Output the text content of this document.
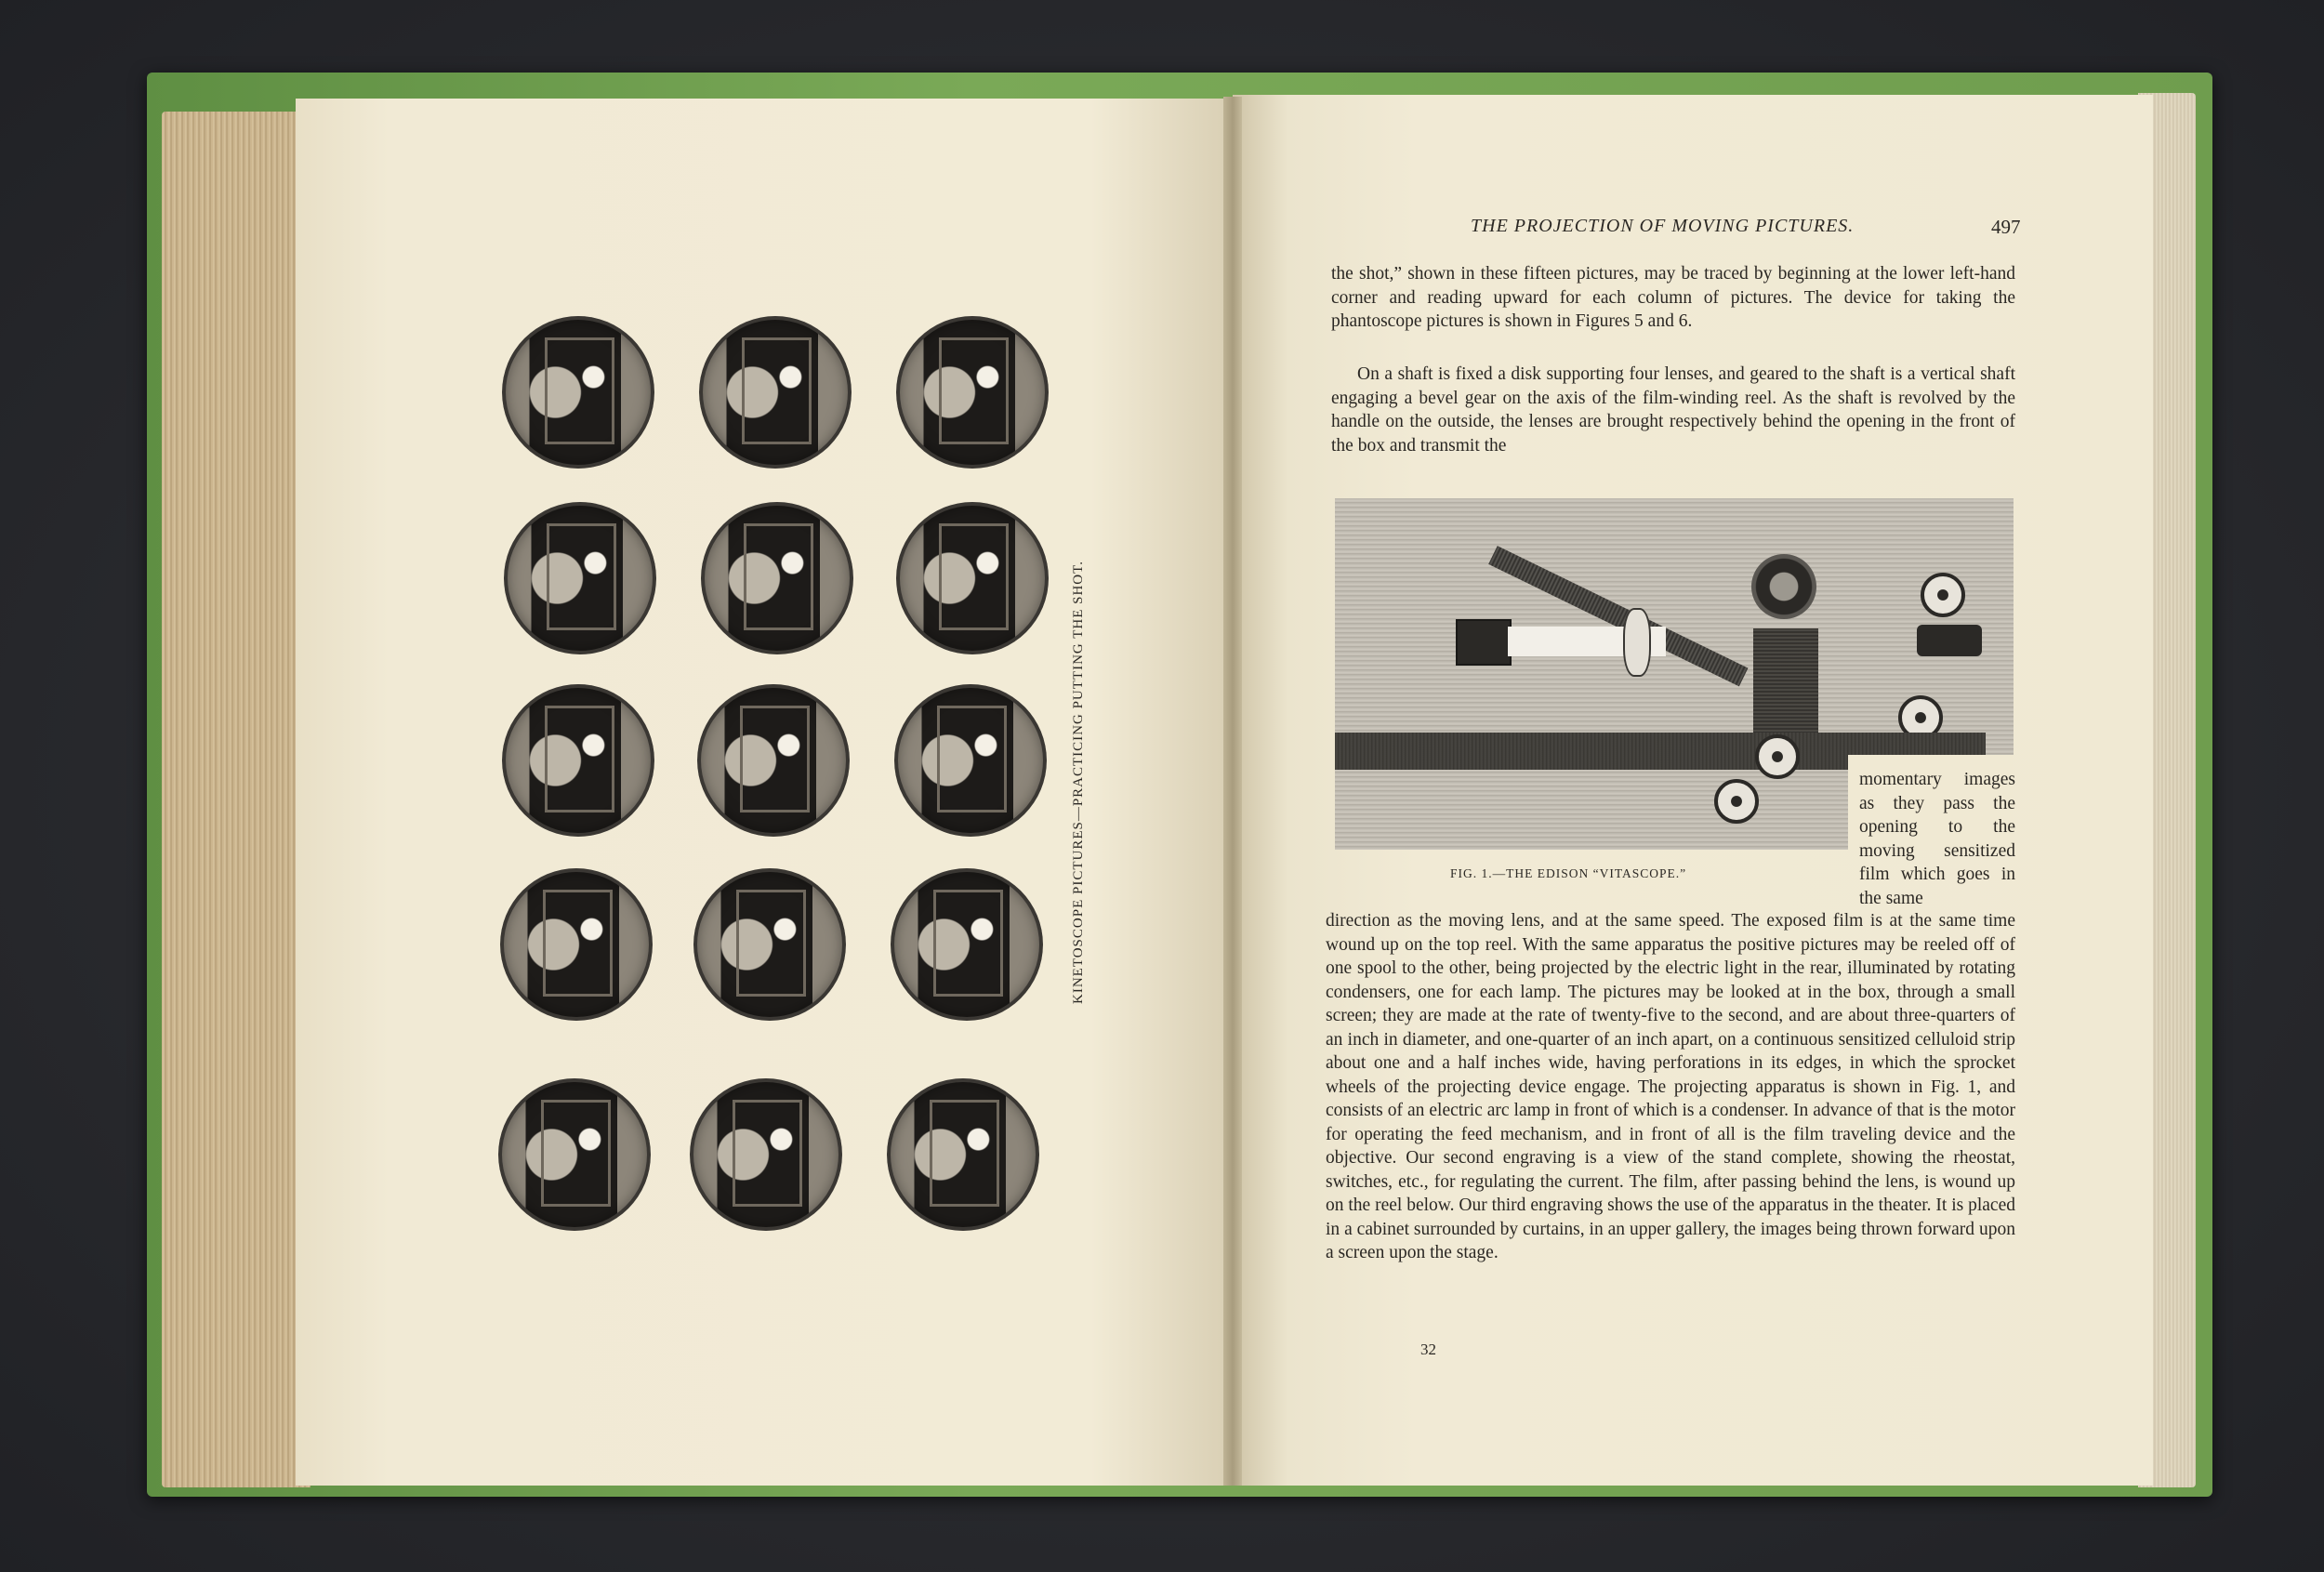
KINETOSCOPE PICTURES—PRACTICING PUTTING THE SHOT.
THE PROJECTION OF MOVING PICTURES.	497

the shot,” shown in these fifteen pictures, may be traced by beginning at the lower left-hand corner and reading upward for each column of pictures. The device for taking the phantoscope pictures is shown in Figures 5 and 6.

On a shaft is fixed a disk supporting four lenses, and geared to the shaft is a vertical shaft engaging a bevel gear on the axis of the film-winding reel. As the shaft is revolved by the handle on the outside, the lenses are brought respectively behind the opening in the front of the box and transmit the

momentary images as they pass the opening to the moving sensitized film which goes in the same

FIG. 1.—THE EDISON “VITASCOPE.”

direction as the moving lens, and at the same speed. The exposed film is at the same time wound up on the top reel. With the same apparatus the positive pictures may be reeled off of one spool to the other, being projected by the electric light in the rear, illuminated by rotating condensers, one for each lamp. The pictures may be looked at in the box, through a small screen; they are made at the rate of twenty-five to the second, and are about three-quarters of an inch in diameter, and one-quarter of an inch apart, on a continuous sensitized celluloid strip about one and a half inches wide, having perforations in its edges, in which the sprocket wheels of the projecting device engage. The projecting apparatus is shown in Fig. 1, and consists of an electric arc lamp in front of which is a condenser. In advance of that is the motor for operating the feed mechanism, and in front of all is the film traveling device and the objective. Our second engraving is a view of the stand complete, showing the rheostat, switches, etc., for regulating the current. The film, after passing behind the lens, is wound up on the reel below. Our third engraving shows the use of the apparatus in the theater. It is placed in a cabinet surrounded by curtains, in an upper gallery, the images being thrown forward upon a screen upon the stage.

32
